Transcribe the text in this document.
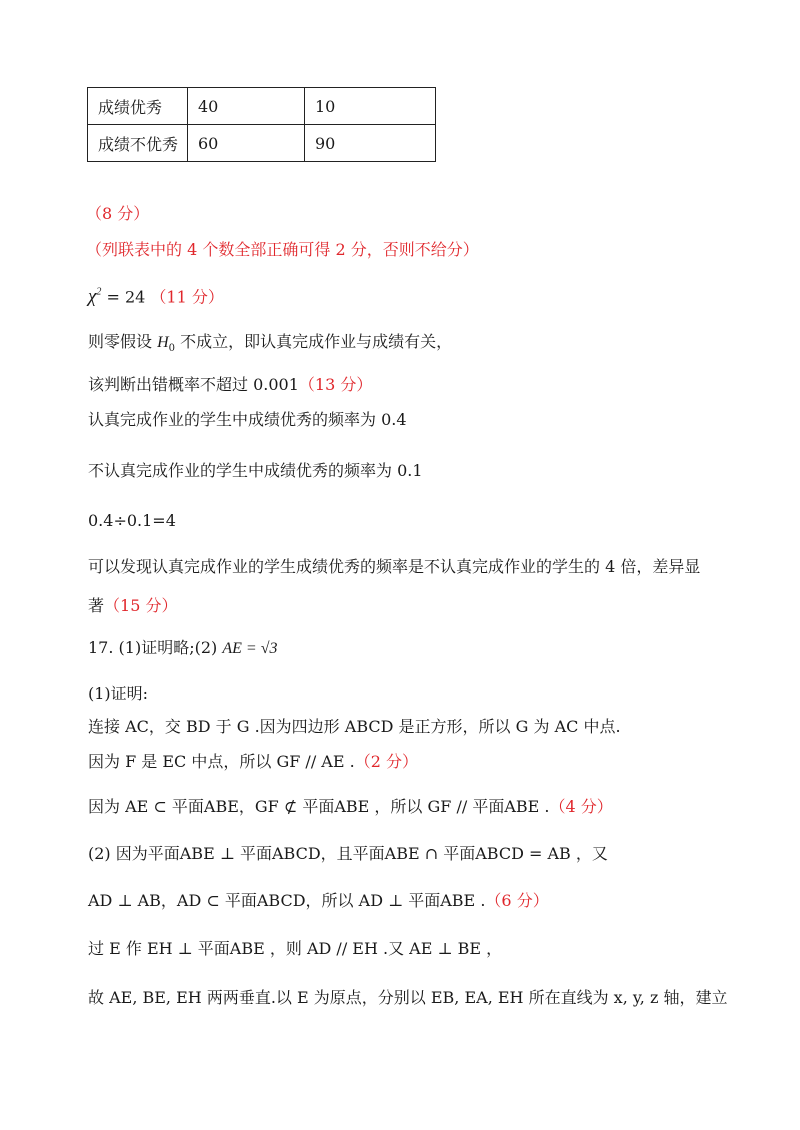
成绩优秀	40	10
成绩不优秀	60	90
（8 分）
（列联表中的 4 个数全部正确可得 2 分，否则不给分）
$\chi^2 = 24$ （11 分）
则零假设 $H_0$ 不成立，即认真完成作业与成绩有关，
该判断出错概率不超过 0.001（13 分）
认真完成作业的学生中成绩优秀的频率为 0.4
不认真完成作业的学生中成绩优秀的频率为 0.1
0.4÷0.1=4
可以发现认真完成作业的学生成绩优秀的频率是不认真完成作业的学生的 4 倍，差异显
著（15 分）
17. (1)证明略;(2) AE = √3
(1)证明:
连接 AC，交 BD 于 G .因为四边形 ABCD 是正方形，所以 G 为 AC 中点.
因为 F 是 EC 中点，所以 GF // AE .（2 分）
因为 AE ⊂ 平面ABE，GF ⊄ 平面ABE ，所以 GF // 平面ABE .（4 分）
(2) 因为平面ABE ⊥ 平面ABCD，且平面ABE ∩ 平面ABCD = AB ，又
AD ⊥ AB，AD ⊂ 平面ABCD，所以 AD ⊥ 平面ABE .（6 分）
过 E 作 EH ⊥ 平面ABE ，则 AD // EH .又 AE ⊥ BE ，
故 AE, BE, EH 两两垂直.以 E 为原点，分别以 EB, EA, EH 所在直线为 x, y, z 轴，建立
